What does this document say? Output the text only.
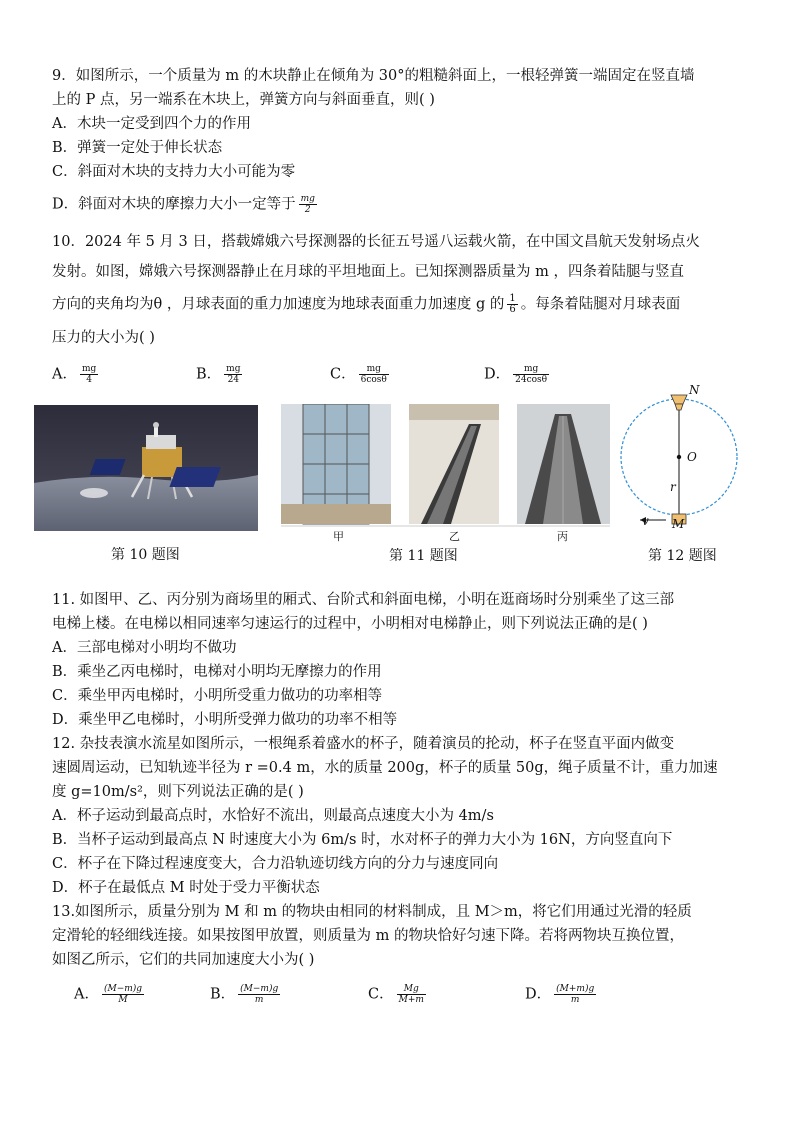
9．如图所示，一个质量为 m 的木块静止在倾角为 30°的粗糙斜面上，一根轻弹簧一端固定在竖直墙
上的 P 点，另一端系在木块上，弹簧方向与斜面垂直，则( )
A．木块一定受到四个力的作用
B．弹簧一定处于伸长状态
C．斜面对木块的支持力大小可能为零
D．斜面对木块的摩擦力大小一定等于 $\frac{mg}{2}$
10．2024 年 5 月 3 日，搭载嫦娥六号探测器的长征五号遥八运载火箭，在中国文昌航天发射场点火
发射。如图，嫦娥六号探测器静止在月球的平坦地面上。已知探测器质量为 m ，四条着陆腿与竖直
方向的夹角均为θ ，月球表面的重力加速度为地球表面重力加速度 g 的 $\frac{1}{6}$ 。每条着陆腿对月球表面
压力的大小为( )
A． $\frac{mg}{4}$	B． $\frac{mg}{24}$	C． $\frac{mg}{6\cos\theta}$	D． $\frac{mg}{24\cos\theta}$
第 10 题图
甲	乙	丙
第 11 题图
N
O
r
v M
第 12 题图
11. 如图甲、乙、丙分别为商场里的厢式、台阶式和斜面电梯，小明在逛商场时分别乘坐了这三部
电梯上楼。在电梯以相同速率匀速运行的过程中，小明相对电梯静止，则下列说法正确的是( )
A．三部电梯对小明均不做功
B．乘坐乙丙电梯时，电梯对小明均无摩擦力的作用
C．乘坐甲丙电梯时，小明所受重力做功的功率相等
D．乘坐甲乙电梯时，小明所受弹力做功的功率不相等
12. 杂技表演水流星如图所示，一根绳系着盛水的杯子，随着演员的抡动，杯子在竖直平面内做变
速圆周运动，已知轨迹半径为 r =0.4 m，水的质量 200g，杯子的质量 50g，绳子质量不计，重力加速
度 g=10m/s²，则下列说法正确的是( )
A．杯子运动到最高点时，水恰好不流出，则最高点速度大小为 4m/s
B．当杯子运动到最高点 N 时速度大小为 6m/s 时，水对杯子的弹力大小为 16N，方向竖直向下
C．杯子在下降过程速度变大，合力沿轨迹切线方向的分力与速度同向
D．杯子在最低点 M 时处于受力平衡状态
13.如图所示，质量分别为 M 和 m 的物块由相同的材料制成，且 M＞m，将它们用通过光滑的轻质
定滑轮的轻细线连接。如果按图甲放置，则质量为 m 的物块恰好匀速下降。若将两物块互换位置，
如图乙所示，它们的共同加速度大小为( )
A． $\frac{(M-m)g}{M}$	B． $\frac{(M-m)g}{m}$	C． $\frac{Mg}{M+m}$	D． $\frac{(M+m)g}{m}$
